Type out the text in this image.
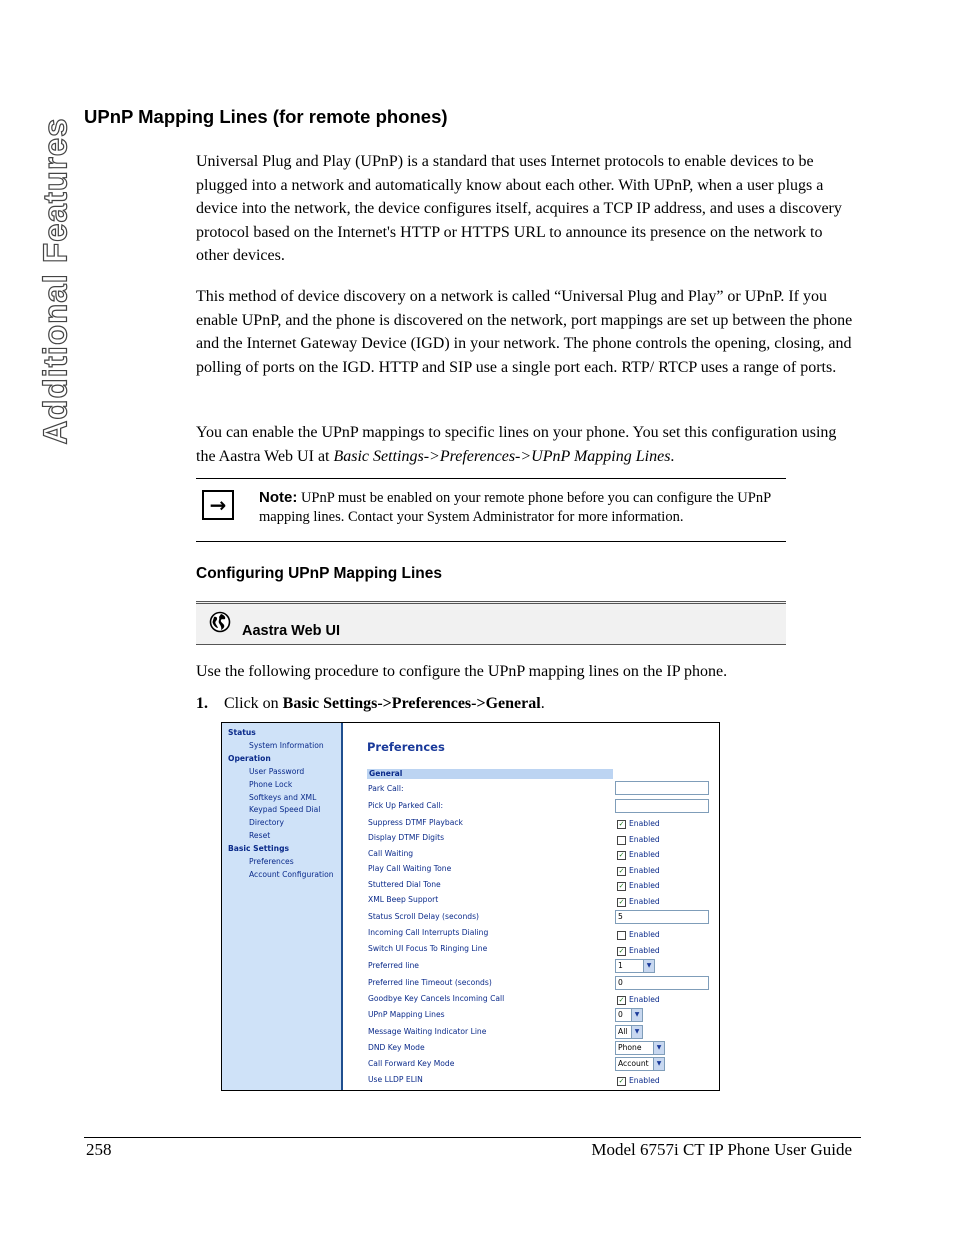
Additional Features
UPnP Mapping Lines (for remote phones)

Universal Plug and Play (UPnP) is a standard that uses Internet protocols to enable devices to be plugged into a network and automatically know about each other. With UPnP, when a user plugs a device into the network, the device configures itself, acquires a TCP IP address, and uses a discovery protocol based on the Internet's HTTP or HTTPS URL to announce its presence on the network to other devices.

This method of device discovery on a network is called “Universal Plug and Play” or UPnP. If you enable UPnP, and the phone is discovered on the network, port mappings are set up between the phone and the Internet Gateway Device (IGD) in your network. The phone controls the opening, closing, and polling of ports on the IGD. HTTP and SIP use a single port each. RTP/ RTCP uses a range of ports.

You can enable the UPnP mappings to specific lines on your phone. You set this configuration using the Aastra Web UI at Basic Settings->Preferences->UPnP Mapping Lines.

→	Note: UPnP must be enabled on your remote phone before you can configure the UPnP mapping lines. Contact your System Administrator for more information.
Configuring UPnP Mapping Lines
Aastra Web UI

Use the following procedure to configure the UPnP mapping lines on the IP phone.

1. Click on Basic Settings->Preferences->General.
Status
System Information
Operation
User Password
Phone Lock
Softkeys and XML
Keypad Speed Dial
Directory
Reset
Basic Settings
Preferences
Account Configuration
Preferences
General
Park Call:
Pick Up Parked Call:
Suppress DTMF Playback	✓ Enabled
Display DTMF Digits	Enabled
Call Waiting	✓ Enabled
Play Call Waiting Tone	✓ Enabled
Stuttered Dial Tone	✓ Enabled
XML Beep Support	✓ Enabled
Status Scroll Delay (seconds)	5
Incoming Call Interrupts Dialing	Enabled
Switch UI Focus To Ringing Line	✓ Enabled
Preferred line	1	▼
Preferred line Timeout (seconds)	0
Goodbye Key Cancels Incoming Call	✓ Enabled
UPnP Mapping Lines	0	▼
Message Waiting Indicator Line	All	▼
DND Key Mode	Phone	▼
Call Forward Key Mode	Account	▼
Use LLDP ELIN	✓ Enabled
258	Model 6757i CT IP Phone User Guide
